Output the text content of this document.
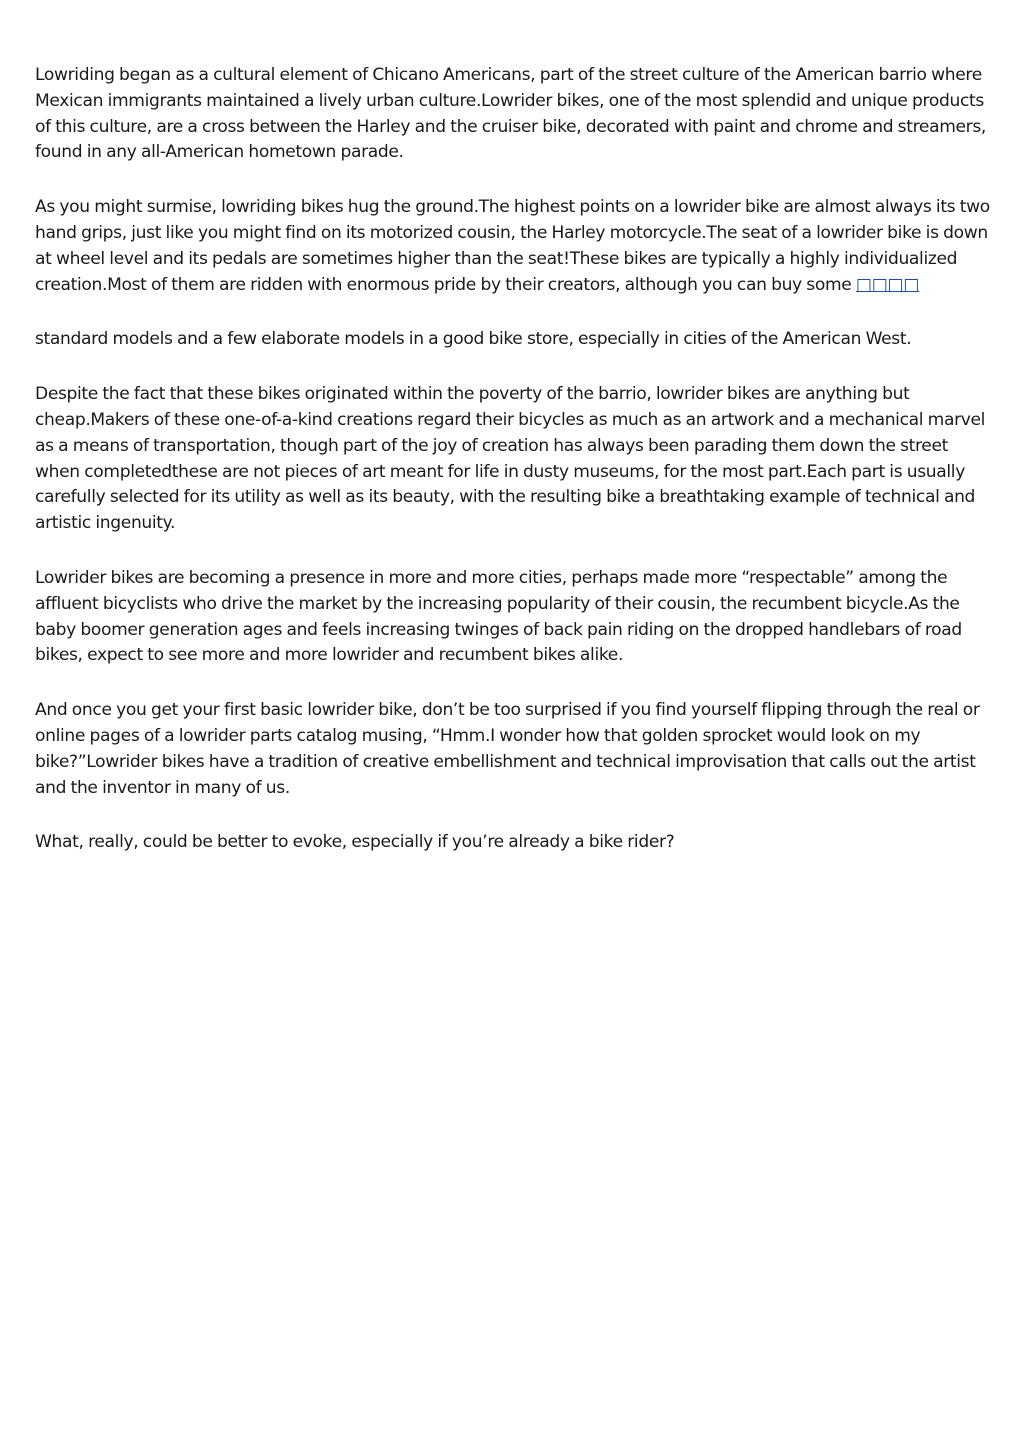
Lowriding began as a cultural element of Chicano Americans, part of the street culture of the American barrio where Mexican immigrants maintained a lively urban culture.Lowrider bikes, one of the most splendid and unique products of this culture, are a cross between the Harley and the cruiser bike, decorated with paint and chrome and streamers, found in any all-American hometown parade.

As you might surmise, lowriding bikes hug the ground.The highest points on a lowrider bike are almost always its two hand grips, just like you might find on its motorized cousin, the Harley motorcycle.The seat of a lowrider bike is down at wheel level and its pedals are sometimes higher than the seat!These bikes are typically a highly individualized creation.Most of them are ridden with enormous pride by their creators, although you can buy some □□□□

standard models and a few elaborate models in a good bike store, especially in cities of the American West.

Despite the fact that these bikes originated within the poverty of the barrio, lowrider bikes are anything but cheap.Makers of these one-of-a-kind creations regard their bicycles as much as an artwork and a mechanical marvel as a means of transportation, though part of the joy of creation has always been parading them down the street when completedthese are not pieces of art meant for life in dusty museums, for the most part.Each part is usually carefully selected for its utility as well as its beauty, with the resulting bike a breathtaking example of technical and artistic ingenuity.

Lowrider bikes are becoming a presence in more and more cities, perhaps made more “respectable” among the affluent bicyclists who drive the market by the increasing popularity of their cousin, the recumbent bicycle.As the baby boomer generation ages and feels increasing twinges of back pain riding on the dropped handlebars of road bikes, expect to see more and more lowrider and recumbent bikes alike.

And once you get your first basic lowrider bike, don’t be too surprised if you find yourself flipping through the real or online pages of a lowrider parts catalog musing, “Hmm.I wonder how that golden sprocket would look on my bike?”Lowrider bikes have a tradition of creative embellishment and technical improvisation that calls out the artist and the inventor in many of us.

What, really, could be better to evoke, especially if you’re already a bike rider?
